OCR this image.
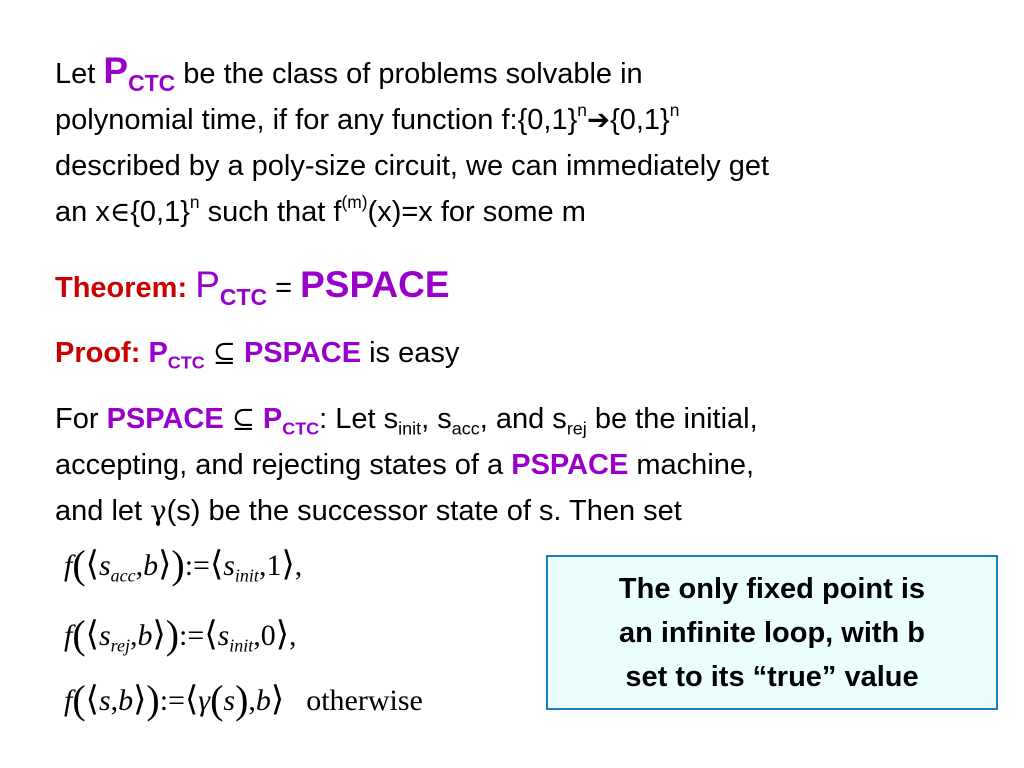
Let $P_{CTC}$ be the class of problems solvable in
polynomial time, if for any function $f:\{0,1\}^n➔\{0,1\}^n$
described by a poly-size circuit, we can immediately get
an $x\in\{0,1\}^n$ such that $f^{(m)}(x)=x$ for some m

Theorem: $P_{CTC}$ = PSPACE

Proof: $P_{CTC}$ ⊆ PSPACE is easy

For PSPACE ⊆ $P_{CTC}$: Let $s_{init}$, $s_{acc}$, and $s_{rej}$ be the initial,
accepting, and rejecting states of a PSPACE machine,
and let γ(s) be the successor state of s. Then set

$f(⟨s_{acc},b⟩):=⟨s_{init},1⟩$,
$f(⟨s_{rej},b⟩):=⟨s_{init},0⟩$,
f(⟨s,b⟩):=⟨γ(s),b⟩ otherwise
The only fixed point is
an infinite loop, with b
set to its “true” value
